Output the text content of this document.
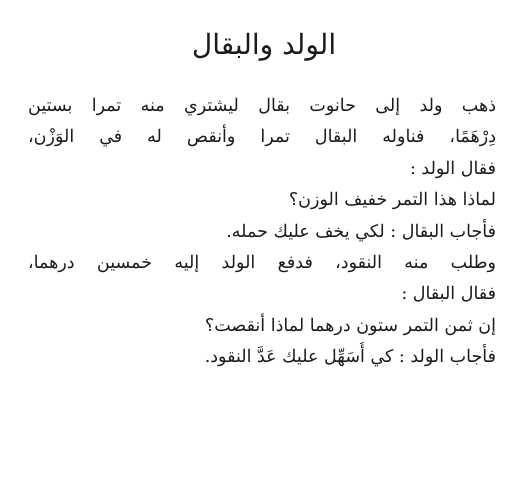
الولد والبقال
ذهب ولد إلى حانوت بقال ليشتري منه تمرا بستين
دِرْهَمًا، فناوله البقال تمرا وأنقص له في الوَزْن،
فقال الولد :
لماذا هذا التمر خفيف الوزن؟
فأجاب البقال : لكي يخف عليك حمله.
وطلب منه النقود، فدفع الولد إليه خمسين درهما،
فقال البقال :
إن ثمن التمر ستون درهما لماذا أنقصت؟
فأجاب الولد : كي أُسَهِّل عليك عَدَّ النقود.
